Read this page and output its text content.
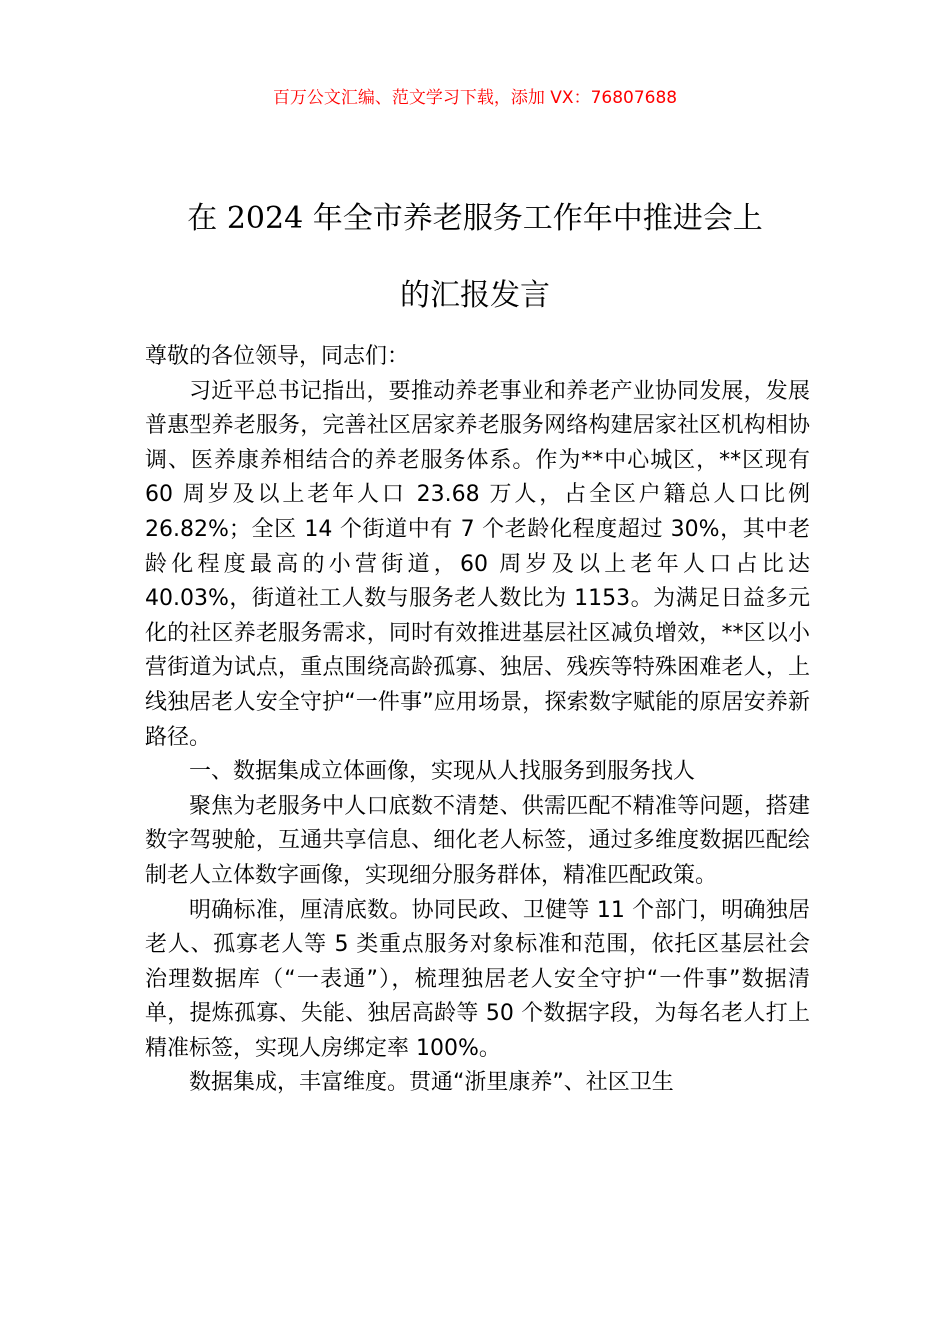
百万公文汇编、范文学习下载，添加 VX：76807688
在 2024 年全市养老服务工作年中推进会上
的汇报发言

尊敬的各位领导，同志们：

习近平总书记指出，要推动养老事业和养老产业协同发展，发展普惠型养老服务，完善社区居家养老服务网络构建居家社区机构相协调、医养康养相结合的养老服务体系。作为**中心城区，**区现有 60 周岁及以上老年人口 23.68 万人，占全区户籍总人口比例 26.82%；全区 14 个街道中有 7 个老龄化程度超过 30%，其中老龄化程度最高的小营街道，60 周岁及以上老年人口占比达 40.03%，街道社工人数与服务老人数比为 1153。为满足日益多元化的社区养老服务需求，同时有效推进基层社区减负增效，**区以小营街道为试点，重点围绕高龄孤寡、独居、残疾等特殊困难老人，上线独居老人安全守护“一件事”应用场景，探索数字赋能的原居安养新路径。

一、数据集成立体画像，实现从人找服务到服务找人

聚焦为老服务中人口底数不清楚、供需匹配不精准等问题，搭建数字驾驶舱，互通共享信息、细化老人标签，通过多维度数据匹配绘制老人立体数字画像，实现细分服务群体，精准匹配政策。

明确标准，厘清底数。协同民政、卫健等 11 个部门，明确独居老人、孤寡老人等 5 类重点服务对象标准和范围，依托区基层社会治理数据库（“一表通”），梳理独居老人安全守护“一件事”数据清单，提炼孤寡、失能、独居高龄等 50 个数据字段，为每名老人打上精准标签，实现人房绑定率 100%。

数据集成，丰富维度。贯通“浙里康养”、社区卫生
